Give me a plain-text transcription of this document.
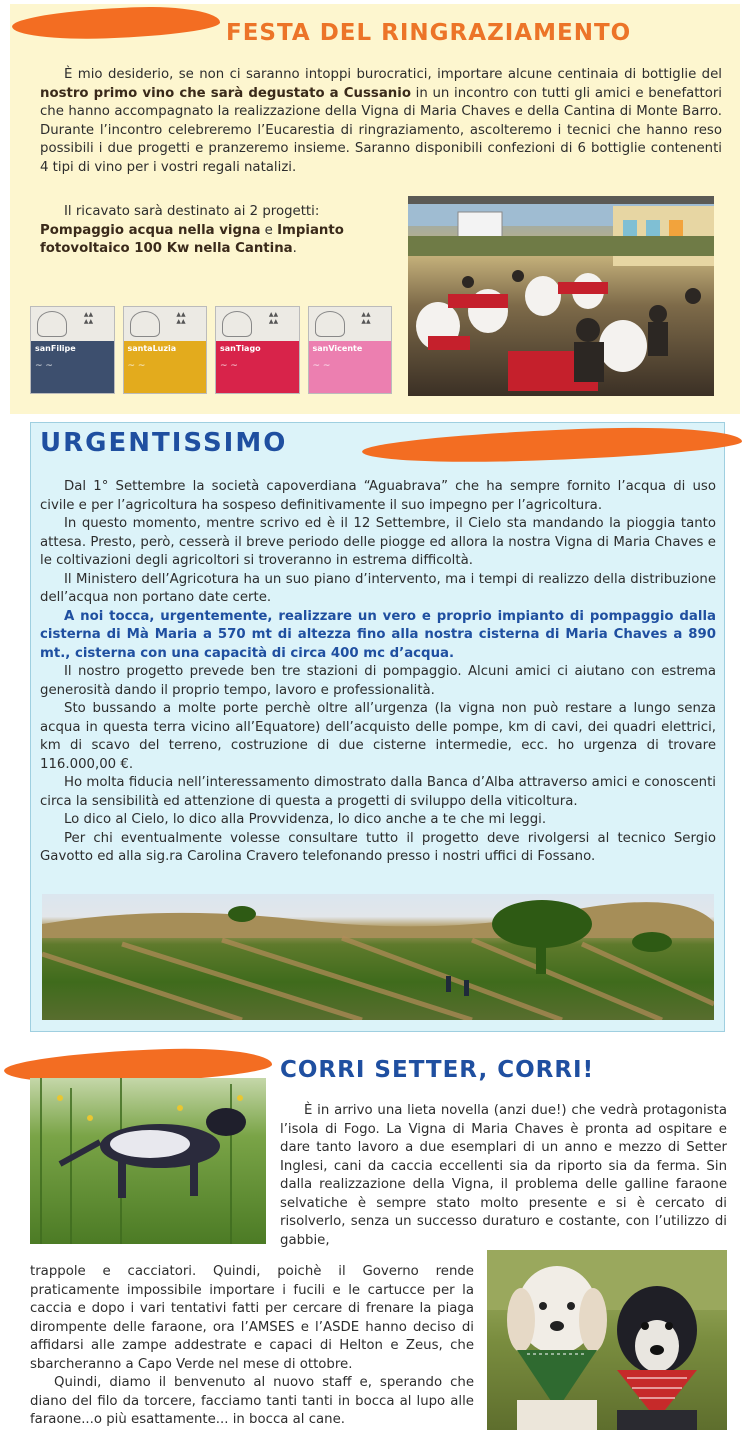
FESTA DEL RINGRAZIAMENTO
È mio desiderio, se non ci saranno intoppi burocratici, importare alcune centinaia di bottiglie del nostro primo vino che sarà degustato a Cussanio in un incontro con tutti gli amici e benefattori che hanno accompagnato la realizzazione della Vigna di Maria Chaves e della Cantina di Monte Barro. Durante l’incontro celebreremo l’Eucarestia di ringraziamento, ascolteremo i tecnici che hanno reso possibili i due progetti e pranzeremo insieme. Saranno disponibili confezioni di 6 bottiglie contenenti 4 tipi di vino per i vostri regali natalizi.
Il ricavato sarà destinato ai 2 progetti: Pompaggio acqua nella vigna e Impianto fotovoltaico 100 Kw nella Cantina.
▲▲
▲▲
sanFilipe
~ ~
▲▲
▲▲
santaLuzia
~ ~
▲▲
▲▲
sanTiago
~ ~
▲▲
▲▲
sanVicente
~ ~
URGENTISSIMO

Dal 1° Settembre la società capoverdiana “Aguabrava” che ha sempre fornito l’acqua di uso civile e per l’agricoltura ha sospeso definitivamente il suo impegno per l’agricoltura.

In questo momento, mentre scrivo ed è il 12 Settembre, il Cielo sta mandando la pioggia tanto attesa. Presto, però, cesserà il breve periodo delle piogge ed allora la nostra Vigna di Maria Chaves e le coltivazioni degli agricoltori si troveranno in estrema difficoltà.

Il Ministero dell’Agricotura ha un suo piano d’intervento, ma i tempi di realizzo della distribuzione dell’acqua non portano date certe.

A noi tocca, urgentemente, realizzare un vero e proprio impianto di pompaggio dalla cisterna di Mà Maria a 570 mt di altezza fino alla nostra cisterna di Maria Chaves a 890 mt., cisterna con una capacità di circa 400 mc d’acqua.

Il nostro progetto prevede ben tre stazioni di pompaggio. Alcuni amici ci aiutano con estrema generosità dando il proprio tempo, lavoro e professionalità.

Sto bussando a molte porte perchè oltre all’urgenza (la vigna non può restare a lungo senza acqua in questa terra vicino all’Equatore) dell’acquisto delle pompe, km di cavi, dei quadri elettrici, km di scavo del terreno, costruzione di due cisterne intermedie, ecc. ho urgenza di trovare 116.000,00 €.

Ho molta fiducia nell’interessamento dimostrato dalla Banca d’Alba attraverso amici e conoscenti circa la sensibilità ed attenzione di questa a progetti di sviluppo della viticoltura.

Lo dico al Cielo, lo dico alla Provvidenza, lo dico anche a te che mi leggi.

Per chi eventualmente volesse consultare tutto il progetto deve rivolgersi al tecnico Sergio Gavotto ed alla sig.ra Carolina Cravero telefonando presso i nostri uffici di Fossano.

CORRI SETTER, CORRI!
È in arrivo una lieta novella (anzi due!) che vedrà protagonista l’isola di Fogo. La Vigna di Maria Chaves è pronta ad ospitare e dare tanto lavoro a due esemplari di un anno e mezzo di Setter Inglesi, cani da caccia eccellenti sia da riporto sia da ferma. Sin dalla realizzazione della Vigna, il problema delle galline faraone selvatiche è sempre stato molto presente e si è cercato di risolverlo, senza un successo duraturo e costante, con l’utilizzo di gabbie,

trappole e cacciatori. Quindi, poichè il Governo rende praticamente impossibile importare i fucili e le cartucce per la caccia e dopo i vari tentativi fatti per cercare di frenare la piaga dirompente delle faraone, ora l’AMSES e l’ASDE hanno deciso di affidarsi alle zampe addestrate e capaci di Helton e Zeus, che sbarcheranno a Capo Verde nel mese di ottobre.

Quindi, diamo il benvenuto al nuovo staff e, sperando che diano del filo da torcere, facciamo tanti tanti in bocca al lupo alle faraone...o più esattamente... in bocca al cane.
